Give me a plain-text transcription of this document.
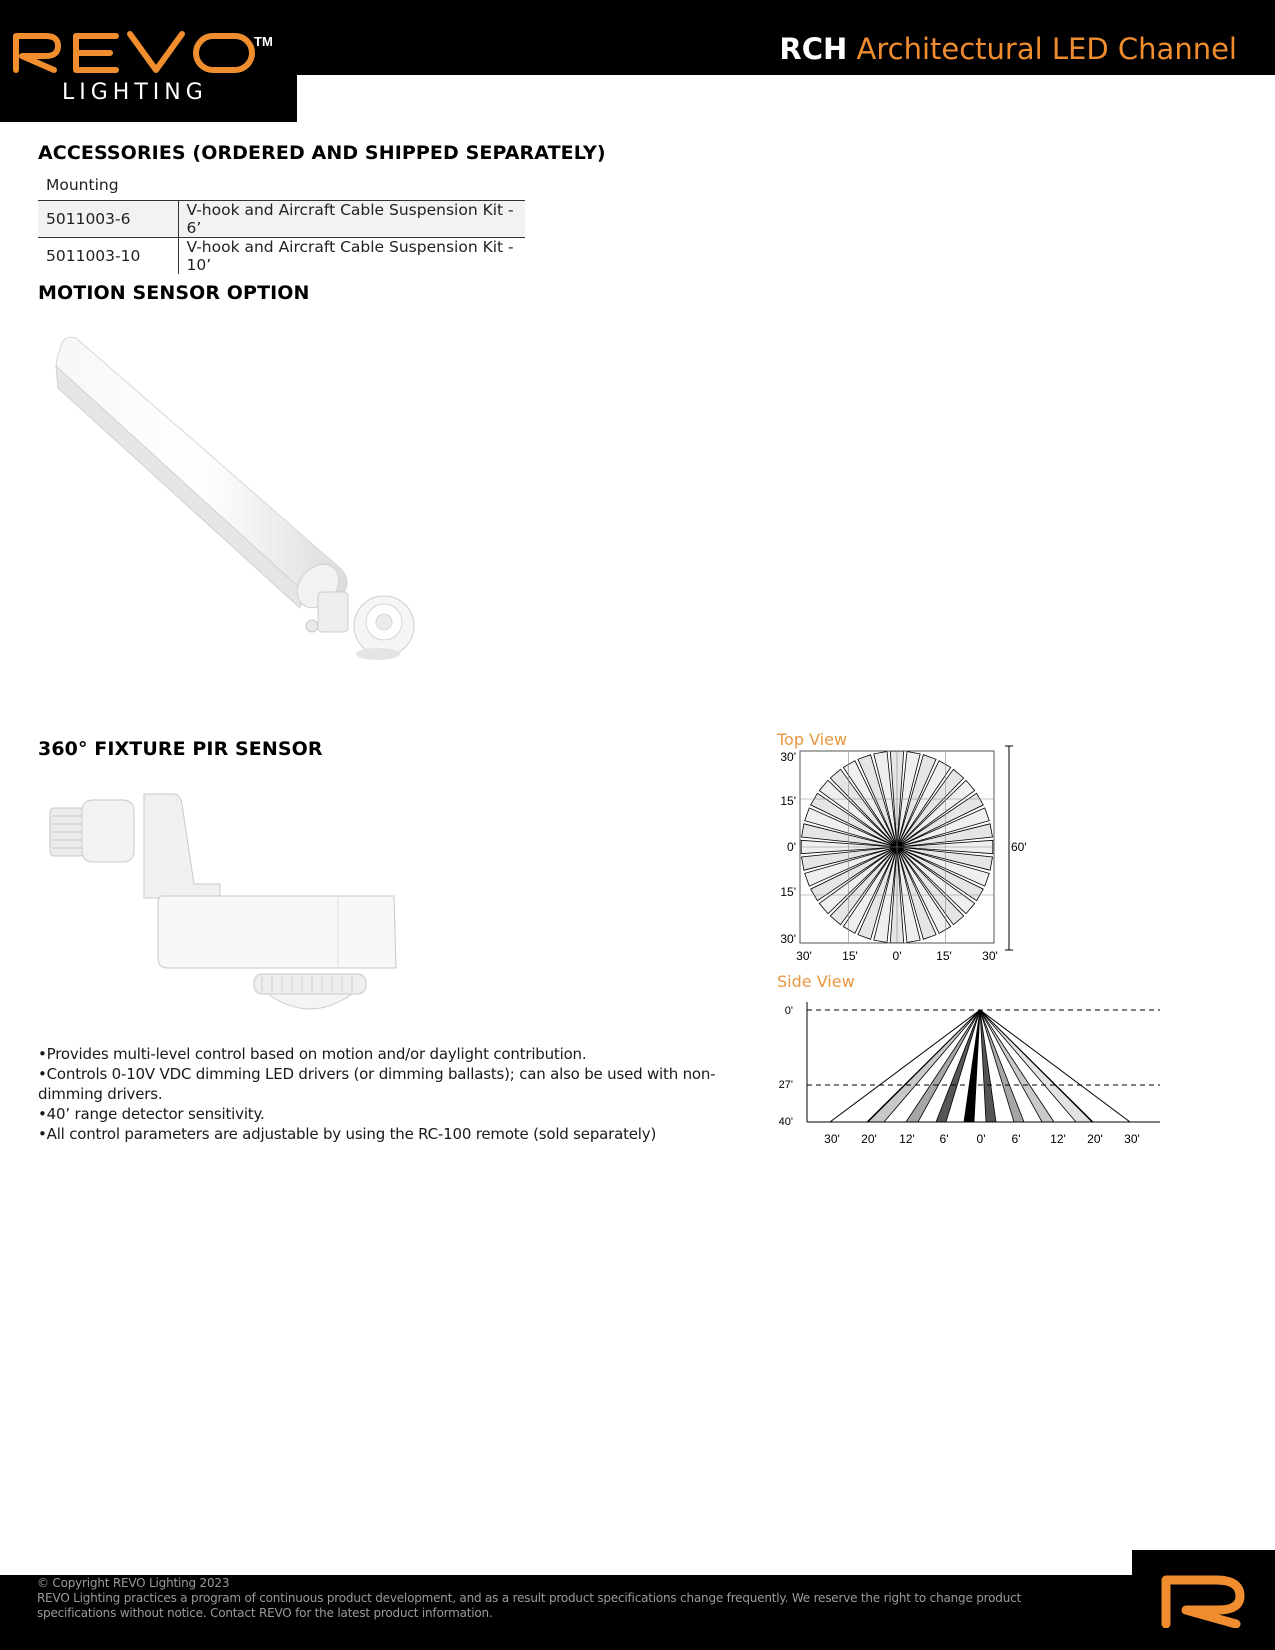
TM
LIGHTING
RCH Architectural LED Channel
ACCESSORIES (ORDERED AND SHIPPED SEPARATELY)
Mounting	
5011003-6	V-hook and Aircraft Cable Suspension Kit - 6’
5011003-10	V-hook and Aircraft Cable Suspension Kit - 10’
MOTION SENSOR OPTION
360° FIXTURE PIR SENSOR
• Provides multi-level control based on motion and/or daylight contribution.
• Controls 0-10V VDC dimming LED drivers (or dimming ballasts); can also be used with non-dimming drivers.
• 40’ range detector sensitivity.
• All control parameters are adjustable by using the RC-100 remote (sold separately)
Top View
60'
30'
15'
0'
15'
30'
30'	15'	0'	15'	30'
Side View
0'
27'
40'
30' 20' 12' 6' 0' 6' 12' 20' 30'
© Copyright REVO Lighting 2023
REVO Lighting practices a program of continuous product development, and as a result product specifications change frequently. We reserve the right to change product specifications without notice. Contact REVO for the latest product information.
